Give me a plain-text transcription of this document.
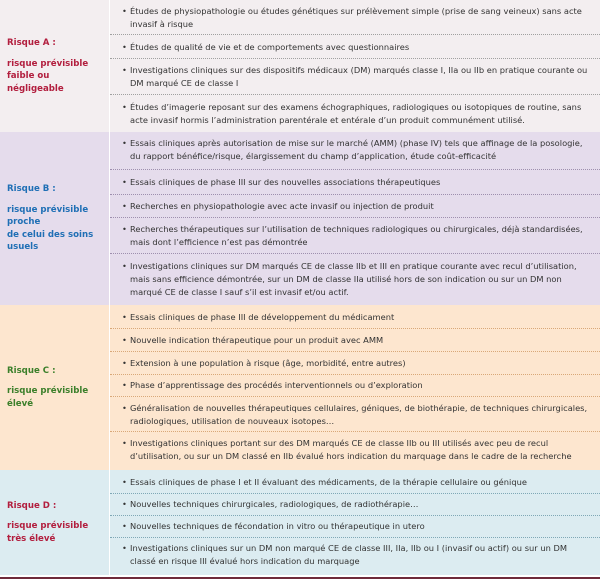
Risque A :
risque prévisible
faible ou négligeable
• Études de physiopathologie ou études génétiques sur prélèvement simple (prise de sang veineux) sans acte invasif à risque
• Études de qualité de vie et de comportements avec questionnaires
• Investigations cliniques sur des dispositifs médicaux (DM) marqués classe I, IIa ou IIb en pratique courante ou DM marqué CE de classe I
• Études d’imagerie reposant sur des examens échographiques, radiologiques ou isotopiques de routine, sans acte invasif hormis l’administration parentérale et entérale d’un produit communément utilisé.
Risque B :
risque prévisible proche
de celui des soins usuels
• Essais cliniques après autorisation de mise sur le marché (AMM) (phase IV) tels que affinage de la posologie, du rapport bénéfice/risque, élargissement du champ d’application, étude coût-efficacité
• Essais cliniques de phase III sur des nouvelles associations thérapeutiques
• Recherches en physiopathologie avec acte invasif ou injection de produit
• Recherches thérapeutiques sur l’utilisation de techniques radiologiques ou chirurgicales, déjà standardisées, mais dont l’efficience n’est pas démontrée
• Investigations cliniques sur DM marqués CE de classe IIb et III en pratique courante avec recul d’utilisation, mais sans efficience démontrée, sur un DM de classe IIa utilisé hors de son indication ou sur un DM non marqué CE de classe I sauf s’il est invasif et/ou actif.
Risque C :
risque prévisible élevé
• Essais cliniques de phase III de développement du médicament
• Nouvelle indication thérapeutique pour un produit avec AMM
• Extension à une population à risque (âge, morbidité, entre autres)
• Phase d’apprentissage des procédés interventionnels ou d’exploration
• Généralisation de nouvelles thérapeutiques cellulaires, géniques, de biothérapie, de techniques chirurgicales, radiologiques, utilisation de nouveaux isotopes…
• Investigations cliniques portant sur des DM marqués CE de classe IIb ou III utilisés avec peu de recul d’utilisation, ou sur un DM classé en IIb évalué hors indication du marquage dans le cadre de la recherche
Risque D :
risque prévisible
très élevé
• Essais cliniques de phase I et II évaluant des médicaments, de la thérapie cellulaire ou génique
• Nouvelles techniques chirurgicales, radiologiques, de radiothérapie…
• Nouvelles techniques de fécondation in vitro ou thérapeutique in utero
• Investigations cliniques sur un DM non marqué CE de classe III, IIa, IIb ou I (invasif ou actif) ou sur un DM classé en risque III évalué hors indication du marquage
